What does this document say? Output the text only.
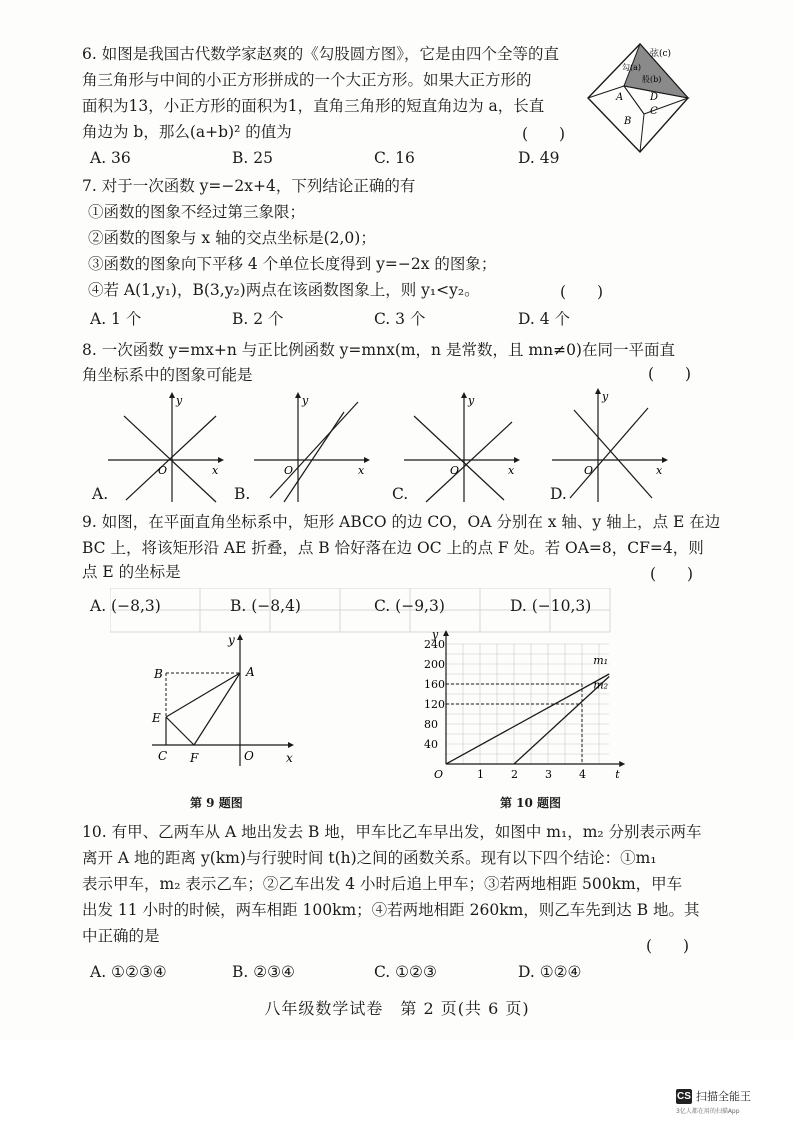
6. 如图是我国古代数学家赵爽的《勾股圆方图》，它是由四个全等的直
角三角形与中间的小正方形拼成的一个大正方形。如果大正方形的
面积为13，小正方形的面积为1，直角三角形的短直角边为 a，长直
角边为 b，那么(a+b)² 的值为	(　　)
A. 36	B. 25	C. 16	D. 49
弦(c)
勾(a)
股(b)
A	D
C
B
7. 对于一次函数 y=−2x+4，下列结论正确的有
①函数的图象不经过第三象限；
②函数的图象与 x 轴的交点坐标是(2,0)；
③函数的图象向下平移 4 个单位长度得到 y=−2x 的图象；
④若 A(1,y₁)，B(3,y₂)两点在该函数图象上，则 y₁<y₂。	(　　)
A. 1 个	B. 2 个	C. 3 个	D. 4 个
8. 一次函数 y=mx+n 与正比例函数 y=mnx(m，n 是常数，且 mn≠0)在同一平面直
角坐标系中的图象可能是	(　　)
y
x
O
A.
y
x
O
B.
y
x
O
C.
y
x
O
D.
9. 如图，在平面直角坐标系中，矩形 ABCO 的边 CO，OA 分别在 x 轴、y 轴上，点 E 在边
BC 上，将该矩形沿 AE 折叠，点 B 恰好落在边 OC 上的点 F 处。若 OA=8，CF=4，则
点 E 的坐标是	(　　)
A. (−8,3)	B. (−8,4)	C. (−9,3)	D. (−10,3)
B	A
E
C F	O	x
y
第 9 题图
1 2 3 4
40
80
120
160
200
240
O
y
t
m₁
m₂
第 10 题图
10. 有甲、乙两车从 A 地出发去 B 地，甲车比乙车早出发，如图中 m₁，m₂ 分别表示两车
离开 A 地的距离 y(km)与行驶时间 t(h)之间的函数关系。现有以下四个结论：①m₁
表示甲车，m₂ 表示乙车；②乙车出发 4 小时后追上甲车；③若两地相距 500km，甲车
出发 11 小时的时候，两车相距 100km；④若两地相距 260km，则乙车先到达 B 地。其
中正确的是
(　　)
A. ①②③④	B. ②③④	C. ①②③	D. ①②④
八年级数学试卷　第 2 页(共 6 页)
CS 扫描全能王
3亿人都在用的扫描App
